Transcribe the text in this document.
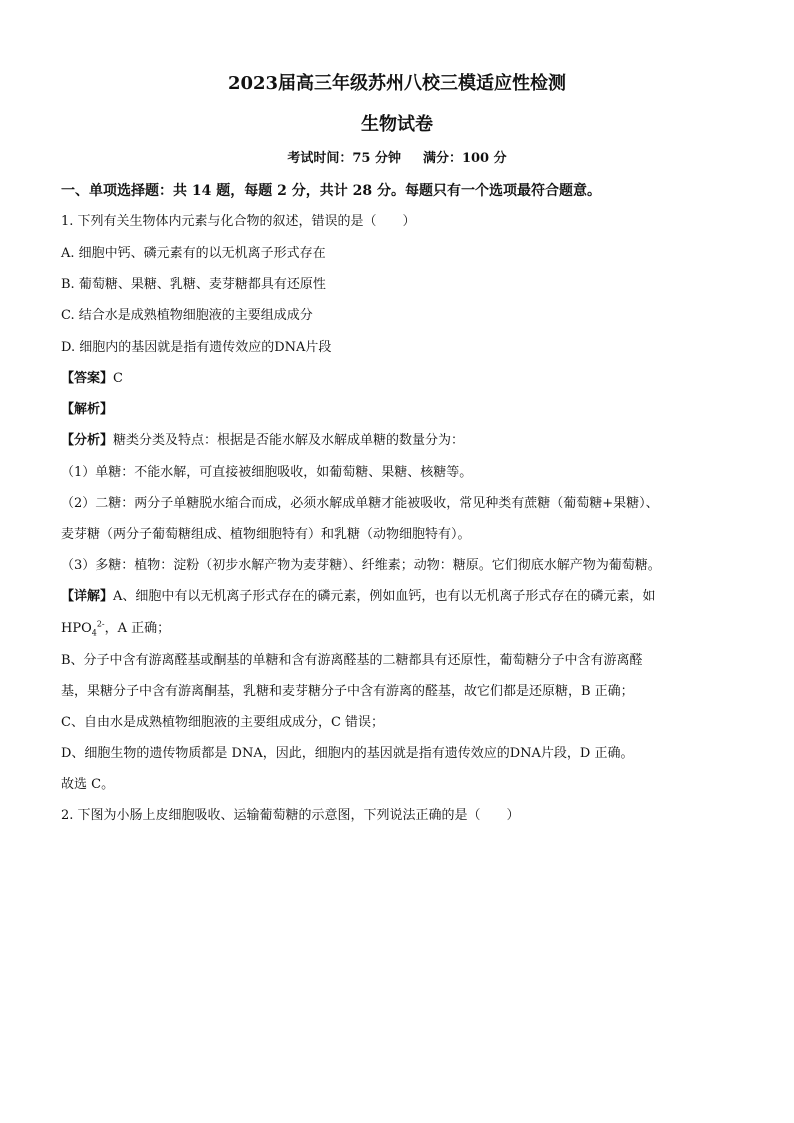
2023届高三年级苏州八校三模适应性检测
生物试卷
考试时间：75 分钟 满分：100 分
一、单项选择题：共 14 题，每题 2 分，共计 28 分。每题只有一个选项最符合题意。
1. 下列有关生物体内元素与化合物的叙述，错误的是（　　）
A. 细胞中钙、磷元素有的以无机离子形式存在
B. 葡萄糖、果糖、乳糖、麦芽糖都具有还原性
C. 结合水是成熟植物细胞液的主要组成成分
D. 细胞内的基因就是指有遗传效应的DNA片段
【答案】C
【解析】
【分析】糖类分类及特点：根据是否能水解及水解成单糖的数量分为：
（1）单糖：不能水解，可直接被细胞吸收，如葡萄糖、果糖、核糖等。
（2）二糖：两分子单糖脱水缩合而成，必须水解成单糖才能被吸收，常见种类有蔗糖（葡萄糖+果糖）、
麦芽糖（两分子葡萄糖组成、植物细胞特有）和乳糖（动物细胞特有）。
（3）多糖：植物：淀粉（初步水解产物为麦芽糖）、纤维素；动物：糖原。它们彻底水解产物为葡萄糖。
【详解】A、细胞中有以无机离子形式存在的磷元素，例如血钙，也有以无机离子形式存在的磷元素，如
$HPO_4^{2-}$，A 正确；
B、分子中含有游离醛基或酮基的单糖和含有游离醛基的二糖都具有还原性，葡萄糖分子中含有游离醛
基，果糖分子中含有游离酮基，乳糖和麦芽糖分子中含有游离的醛基，故它们都是还原糖，B 正确；
C、自由水是成熟植物细胞液的主要组成成分，C 错误；
D、细胞生物的遗传物质都是 DNA，因此，细胞内的基因就是指有遗传效应的DNA片段，D 正确。
故选 C。
2. 下图为小肠上皮细胞吸收、运输葡萄糖的示意图，下列说法正确的是（　　）
